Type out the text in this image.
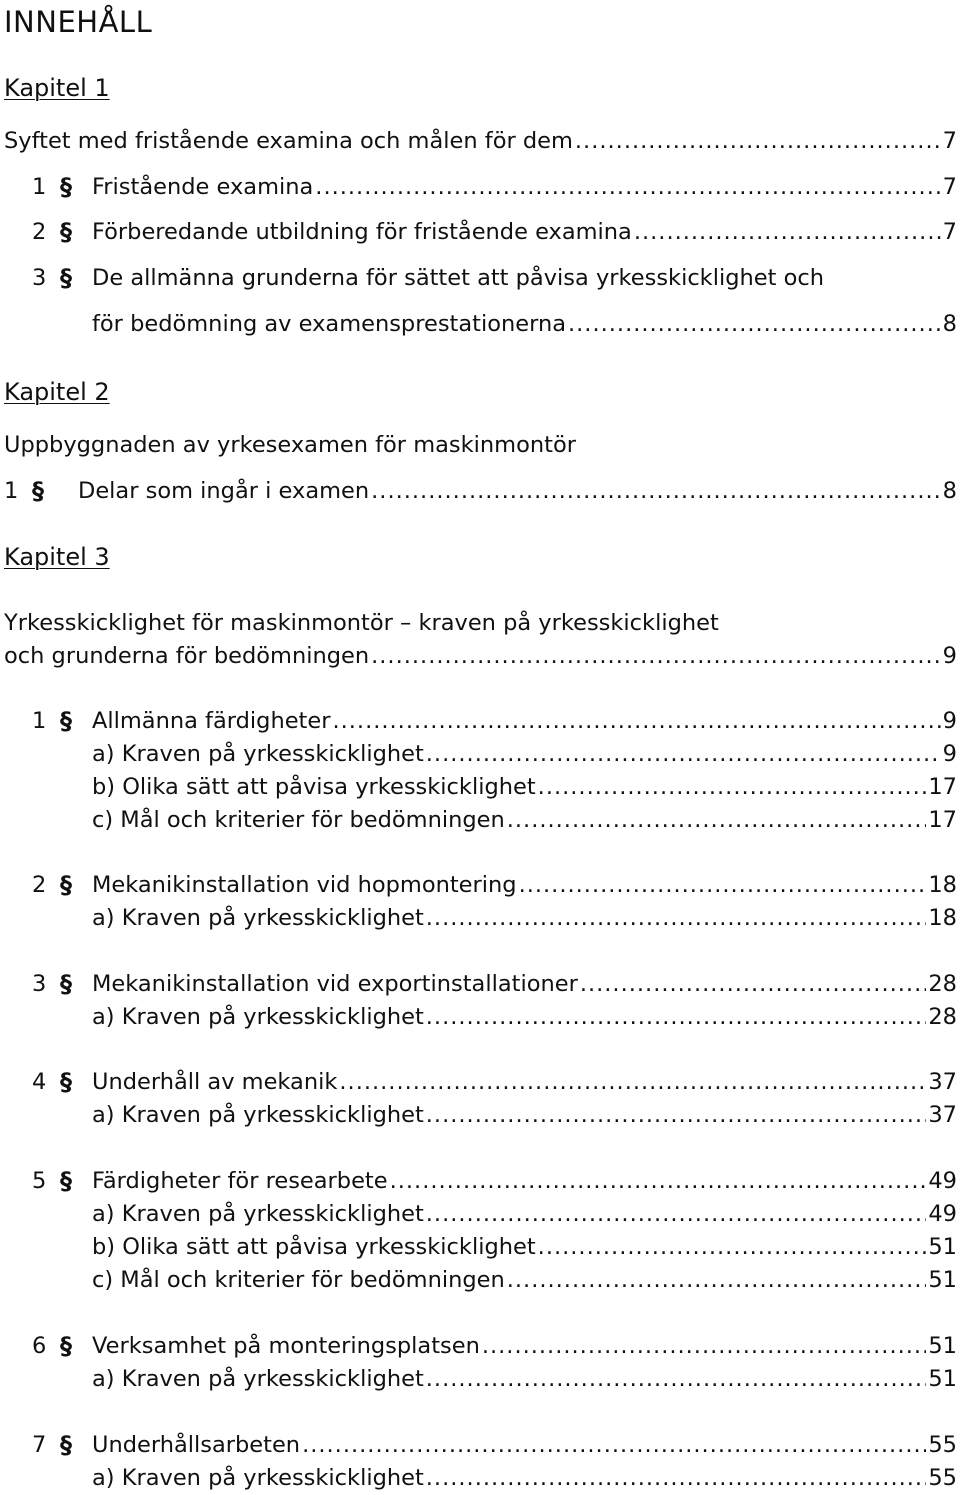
INNEHÅLL
Kapitel 1
Syftet med fristående examina och målen för dem .....	7
1 § Fristående examina .....	7
2 § Förberedande utbildning för fristående examina .....	7
3 § De allmänna grunderna för sättet att påvisa yrkesskicklighet och
för bedömning av examensprestationerna .....	8
Kapitel 2
Uppbyggnaden av yrkesexamen för maskinmontör
1 § Delar som ingår i examen .....	8
Kapitel 3
Yrkesskicklighet för maskinmontör – kraven på yrkesskicklighet
och grunderna för bedömningen .....	9
1 § Allmänna färdigheter .....	9
a) Kraven på yrkesskicklighet .....	9
b) Olika sätt att påvisa yrkesskicklighet .....	17
c) Mål och kriterier för bedömningen .....	17
2 § Mekanikinstallation vid hopmontering .....	18
a) Kraven på yrkesskicklighet .....	18
3 § Mekanikinstallation vid exportinstallationer .....	28
a) Kraven på yrkesskicklighet .....	28
4 § Underhåll av mekanik .....	37
a) Kraven på yrkesskicklighet .....	37
5 § Färdigheter för researbete .....	49
a) Kraven på yrkesskicklighet .....	49
b) Olika sätt att påvisa yrkesskicklighet .....	51
c) Mål och kriterier för bedömningen .....	51
6 § Verksamhet på monteringsplatsen .....	51
a) Kraven på yrkesskicklighet .....	51
7 § Underhållsarbeten .....	55
a) Kraven på yrkesskicklighet .....	55
